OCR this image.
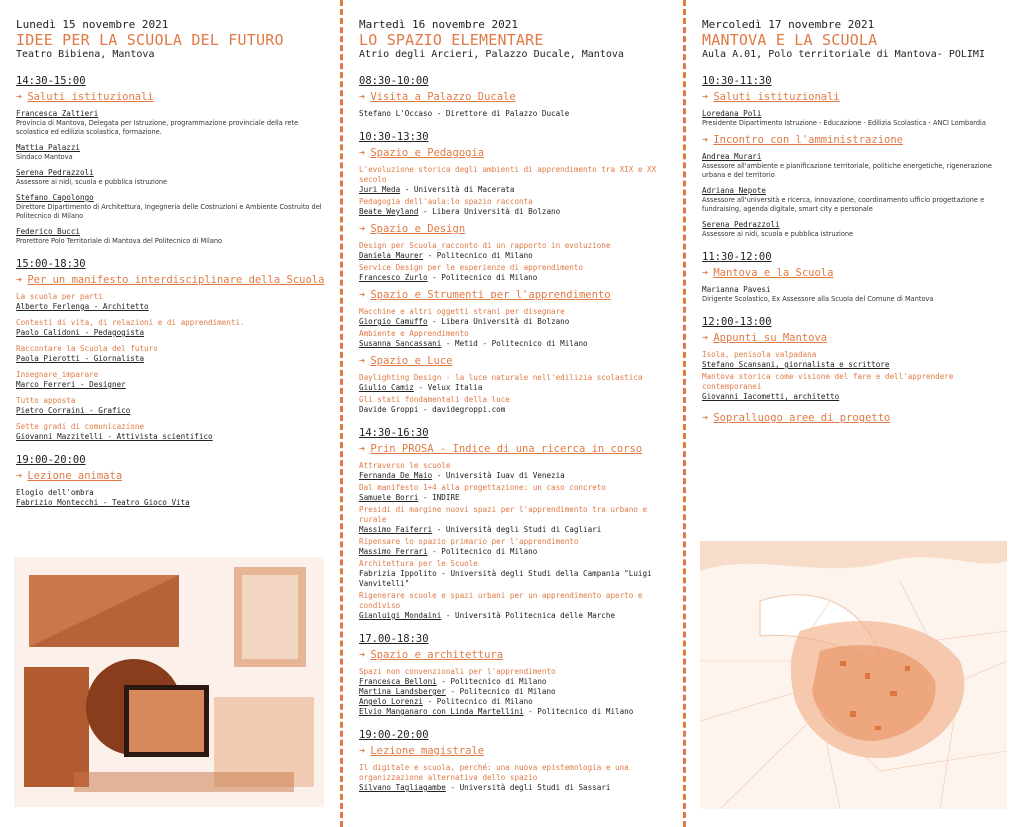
Lunedì 15 novembre 2021
IDEE PER LA SCUOLA DEL FUTURO
Teatro Bibiena, Mantova
14:30-15:00
➔ Saluti istituzionali
Francesca Zaltieri
Provincia di Mantova, Delegata per Istruzione, programmazione provinciale della rete scolastica ed edilizia scolastica, formazione.
Mattia Palazzi
Sindaco Mantova
Serena Pedrazzoli
Assessore ai nidi, scuola e pubblica istruzione
Stefano Capolongo
Direttore Dipartimento di Architettura, Ingegneria delle Costruzioni e Ambiente Costruito del Politecnico di Milano
Federico Bucci
Prorettore Polo Territoriale di Mantova del Politecnico di Milano
15:00-18:30
➔ Per un manifesto interdisciplinare della Scuola
La scuola per parti
Alberto Ferlenga - Architetto
Contesti di vita, di relazioni e di apprendimenti.
Paolo Calidoni - Pedagogista
Raccontare la Scuola del futuro
Paola Pierotti - Giornalista
Insegnare_imparare
Marco Ferreri - Designer
Tutto apposta
Pietro Corraini - Grafico
Sette gradi di comunicazione
Giovanni Mazzitelli - Attivista scientifico
19:00-20:00
➔ Lezione animata
Elogio dell'ombra
Fabrizio Montecchi - Teatro Gioco Vita
Martedì 16 novembre 2021
LO SPAZIO ELEMENTARE
Atrio degli Arcieri, Palazzo Ducale, Mantova
08:30-10:00
➔ Visita a Palazzo Ducale
Stefano L'Occaso - Direttore di Palazzo Ducale
10:30-13:30
➔ Spazio e Pedagogia
L'evoluzione storica degli ambienti di apprendimento tra XIX e XX secolo
Juri Meda - Università di Macerata
Pedagogia dell'aula:lo spazio racconta
Beate Weyland - Libera Università di Bolzano
➔ Spazio e Design
Design per Scuola_racconto di un rapporto in evoluzione
Daniela Maurer - Politecnico di Milano
Service Design per le esperienze di apprendimento
Francesco Zurlo - Politecnico di Milano
➔ Spazio e Strumenti per l'apprendimento
Macchine e altri oggetti strani per disegnare
Giorgio Camuffo - Libera Università di Bolzano
Ambiente e Apprendimento
Susanna Sancassani - Metid - Politecnico di Milano
➔ Spazio e Luce
Daylighting Design - la luce naturale nell'edilizia scolastica
Giulio Camiz - Velux Italia
Gli stati fondamentali della luce
Davide Groppi - davidegroppi.com
14:30-16:30
➔ Prin PROSA - Indice di una ricerca in corso
Attraverso le scuole
Fernanda De Maio - Università Iuav di Venezia
Dal manifesto 1+4 alla progettazione: un caso concreto
Samuele Borri - INDIRE
Presidi di margine nuovi spazi per l'apprendimento tra urbano e rurale
Massimo Faiferri - Università degli Studi di Cagliari
Ripensare lo spazio primario per l'apprendimento
Massimo Ferrari - Politecnico di Milano
Architettura per le Scuole
Fabrizia Ippolito - Università degli Studi della Campania "Luigi Vanvitelli"
Rigenerare scuole e spazi urbani per un apprendimento aperto e condiviso
Gianluigi Mondaini - Università Politecnica delle Marche
17.00-18:30
➔ Spazio e architettura
Spazi non convenzionali per l'apprendimento
Francesca Belloni - Politecnico di Milano
Martina Landsberger - Politecnico di Milano
Angelo Lorenzi - Politecnico di Milano
Elvio Manganaro con Linda Martellini - Politecnico di Milano
19:00-20:00
➔ Lezione magistrale
Il digitale e scuola, perché: una nuova epistemologia e una organizzazione alternativa dello spazio
Silvano Tagliagambe - Università degli Studi di Sassari
Mercoledì 17 novembre 2021
MANTOVA E LA SCUOLA
Aula A.01, Polo territoriale di Mantova- POLIMI
10:30-11:30
➔ Saluti istituzionali
Loredana Poli
Presidente Dipartimento Istruzione - Educazione - Edilizia Scolastica - ANCI Lombardia
➔ Incontro con l'amministrazione
Andrea Murari
Assessore all'ambiente e pianificazione territoriale, politiche energetiche, rigenerazione urbana e del territorio
Adriana Nepote
Assessore all'università e ricerca, innovazione, coordinamento ufficio progettazione e fundraising, agenda digitale, smart city e personale
Serena Pedrazzoli
Assessore ai nidi, scuola e pubblica istruzione
11:30-12:00
➔ Mantova e la Scuola
Marianna Pavesi
Dirigente Scolastico, Ex Assessore alla Scuola del Comune di Mantova
12:00-13:00
➔ Appunti su Mantova
Isola, penisola valpadana
Stefano Scansani, giornalista e scrittore
Mantova storica come visione del fare e dell'apprendere contemporanei
Giovanni Iacometti, architetto
➔ Sopralluogo aree di progetto
